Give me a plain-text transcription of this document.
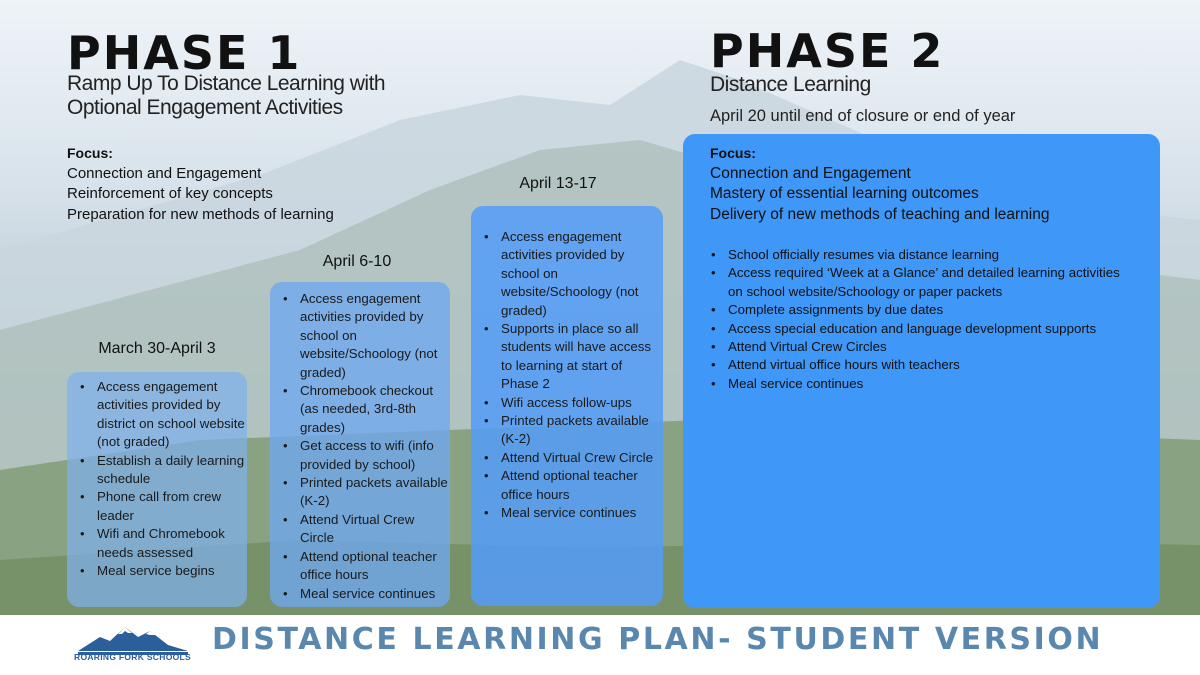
PHASE 1
Ramp Up To Distance Learning with
Optional Engagement Activities
Focus:
Connection and Engagement
Reinforcement of key concepts
Preparation for new methods of learning
PHASE 2
Distance Learning
April 20 until end of closure or end of year
March 30-April 3
• Access engagement activities provided by district on school website (not graded)
• Establish a daily learning schedule
• Phone call from crew leader
• Wifi and Chromebook needs assessed
• Meal service begins
April 6-10
• Access engagement activities provided by school on website/Schoology (not graded)
• Chromebook checkout (as needed, 3rd-8th grades)
• Get access to wifi (info provided by school)
• Printed packets available (K-2)
• Attend Virtual Crew Circle
• Attend optional teacher office hours
• Meal service continues
April 13-17
• Access engagement activities provided by school on website/Schoology (not graded)
• Supports in place so all students will have access to learning at start of Phase 2
• Wifi access follow-ups
• Printed packets available (K-2)
• Attend Virtual Crew Circle
• Attend optional teacher office hours
• Meal service continues
Focus:
Connection and Engagement
Mastery of essential learning outcomes
Delivery of new methods of teaching and learning
• School officially resumes via distance learning
• Access required ‘Week at a Glance’ and detailed learning activities on school website/Schoology or paper packets
• Complete assignments by due dates
• Access special education and language development supports
• Attend Virtual Crew Circles
• Attend virtual office hours with teachers
• Meal service continues
ROARING FORK SCHOOLS DISTANCE LEARNING PLAN- STUDENT VERSION
